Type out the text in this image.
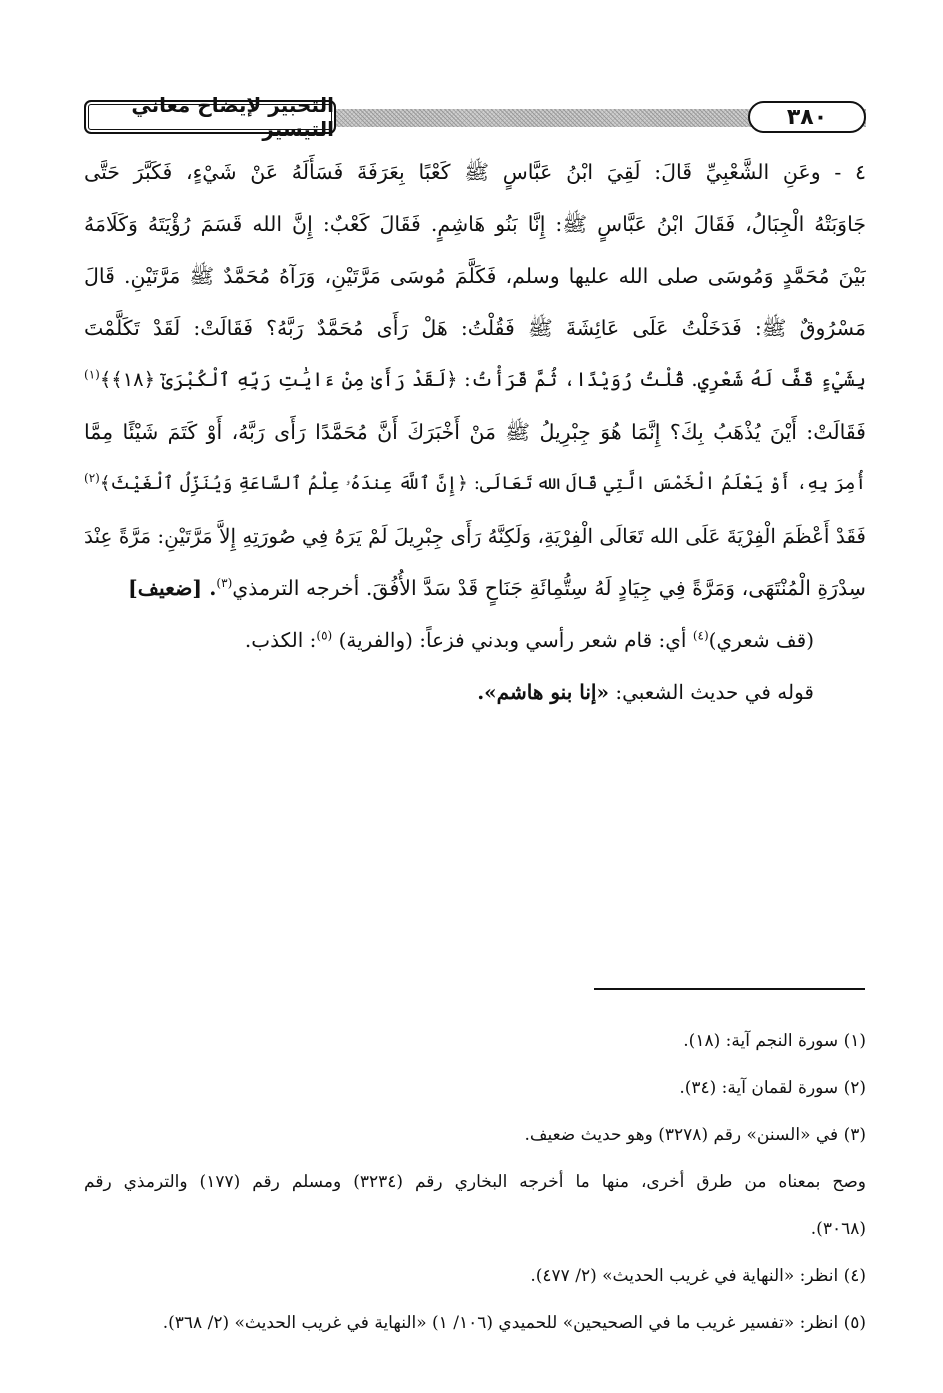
التحبير لإيضاح معاني التيسير	٣٨٠
٤ - وعَنِ الشَّعْبِيِّ قَالَ: لَقِيَ ابْنُ عَبَّاسٍ ﷺ كَعْبًا بِعَرَفَةَ فَسَأَلَهُ عَنْ شَيْءٍ، فَكَبَّرَ حَتَّى
جَاوَبَتْهُ الْجِبَالُ، فَقَالَ ابْنُ عَبَّاسٍ ﷺ: إِنَّا بَنُو هَاشِمٍ. فَقَالَ كَعْبٌ: إِنَّ الله قَسَمَ رُؤْيَتَهُ وَكَلَامَهُ
بَيْنَ مُحَمَّدٍ وَمُوسَى صلى الله عليها وسلم، فَكَلَّمَ مُوسَى مَرَّتَيْنِ، وَرَآهُ مُحَمَّدٌ ﷺ مَرَّتَيْنِ. قَالَ
مَسْرُوقٌ ﷺ: فَدَخَلْتُ عَلَى عَائِشَةَ ﷺ فَقُلْتُ: هَلْ رَأَى مُحَمَّدٌ رَبَّهُ؟ فَقَالَتْ: لَقَدْ تَكَلَّمْتَ
بِشَيْءٍ قَفَّ لَهُ شَعْرِي. قُلْتُ رُوَيْدًا، ثُمَّ قَرَأْتُ: ﴿لَقَدْ رَأَىٰ مِنْ ءَايَٰتِ رَبِّهِ ٱلْكُبْرَىٰٓ ﴿١٨﴾﴾$^{(١)}$
فَقَالَتْ: أَيْنَ يُذْهَبُ بِكَ؟ إِنَّمَا هُوَ جِبْرِيلُ ﷺ مَنْ أَخْبَرَكَ أَنَّ مُحَمَّدًا رَأَى رَبَّهُ، أَوْ كَتَمَ شَيْئًا مِمَّا
أُمِرَ بِهِ، أَوْ يَعْلَمُ الْخَمْسَ الَّتِي قَالَ الله تَعَالَى: ﴿إِنَّ ٱللَّهَ عِندَهُۥ عِلْمُ ٱلسَّاعَةِ وَيُنَزِّلُ ٱلْغَيْثَ﴾$^{(٢)}$
فَقَدْ أَعْظَمَ الْفِرْيَةَ عَلَى الله تَعَالَى الْفِرْيَةِ، وَلَكِنَّهُ رَأَى جِبْرِيلَ لَمْ يَرَهُ فِي صُورَتِهِ إِلاَّ مَرَّتَيْنِ: مَرَّةً عِنْدَ
سِدْرَةِ الْمُنْتَهَى، وَمَرَّةً فِي جِيَادٍ لَهُ سِتُّمِائَةِ جَنَاحٍ قَدْ سَدَّ الأُفُقَ. أخرجه الترمذي$^{(٣)}$. [ضعيف]
(قف شعري)$^{(٤)}$ أي: قام شعر رأسي وبدني فزعاً: (والفرية) $^{(٥)}$: الكذب.
قوله في حديث الشعبي: «إنا بنو هاشم».
(١) سورة النجم آية: (١٨).
(٢) سورة لقمان آية: (٣٤).
(٣) في «السنن» رقم (٣٢٧٨) وهو حديث ضعيف.
وصح بمعناه من طرق أخرى، منها ما أخرجه البخاري رقم (٣٢٣٤) ومسلم رقم (١٧٧) والترمذي رقم
(٣٠٦٨).
(٤) انظر: «النهاية في غريب الحديث» (٢/ ٤٧٧).
(٥) انظر: «تفسير غريب ما في الصحيحين» للحميدي (١٠٦/ ١) «النهاية في غريب الحديث» (٢/ ٣٦٨).
